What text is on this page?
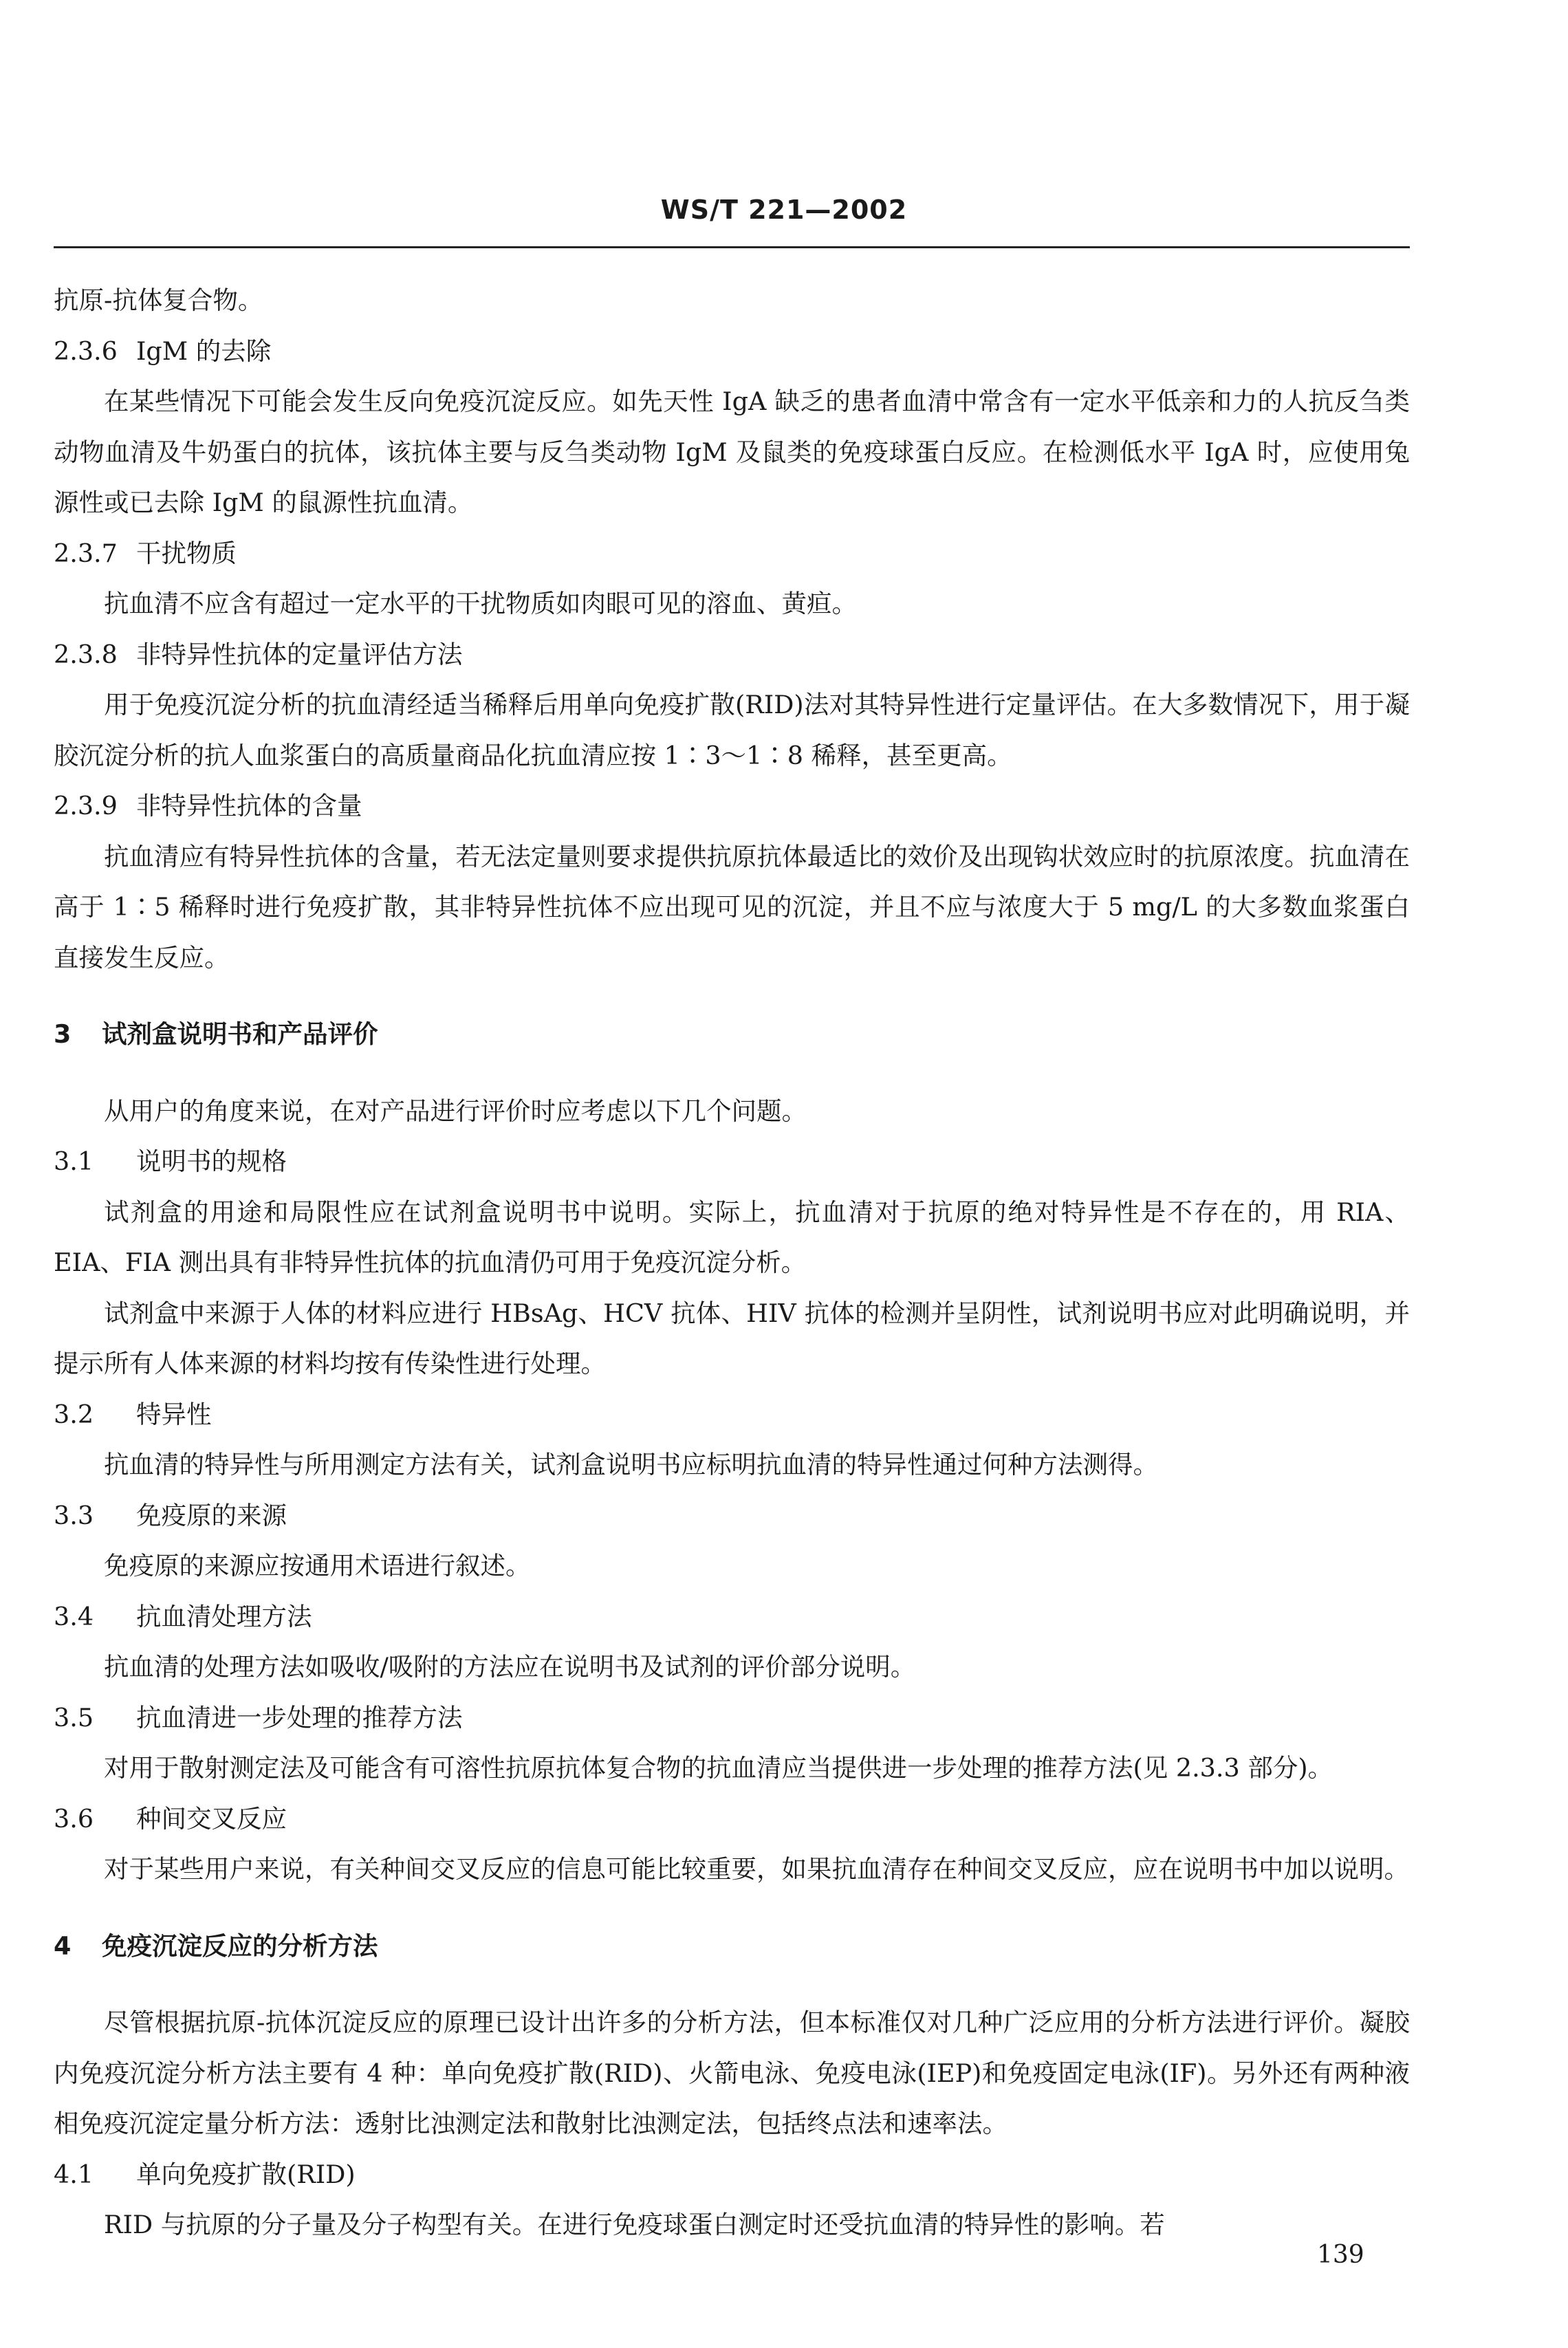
WS/T 221—2002
抗原-抗体复合物。
2.3.6 IgM 的去除
在某些情况下可能会发生反向免疫沉淀反应。如先天性 IgA 缺乏的患者血清中常含有一定水平低亲和力的人抗反刍类动物血清及牛奶蛋白的抗体，该抗体主要与反刍类动物 IgM 及鼠类的免疫球蛋白反应。在检测低水平 IgA 时，应使用兔源性或已去除 IgM 的鼠源性抗血清。
2.3.7 干扰物质
抗血清不应含有超过一定水平的干扰物质如肉眼可见的溶血、黄疸。
2.3.8 非特异性抗体的定量评估方法
用于免疫沉淀分析的抗血清经适当稀释后用单向免疫扩散(RID)法对其特异性进行定量评估。在大多数情况下，用于凝胶沉淀分析的抗人血浆蛋白的高质量商品化抗血清应按 1∶3～1∶8 稀释，甚至更高。
2.3.9 非特异性抗体的含量
抗血清应有特异性抗体的含量，若无法定量则要求提供抗原抗体最适比的效价及出现钩状效应时的抗原浓度。抗血清在高于 1∶5 稀释时进行免疫扩散，其非特异性抗体不应出现可见的沉淀，并且不应与浓度大于 5 mg/L 的大多数血浆蛋白直接发生反应。
3 试剂盒说明书和产品评价
从用户的角度来说，在对产品进行评价时应考虑以下几个问题。
3.1 说明书的规格
试剂盒的用途和局限性应在试剂盒说明书中说明。实际上，抗血清对于抗原的绝对特异性是不存在的，用 RIA、EIA、FIA 测出具有非特异性抗体的抗血清仍可用于免疫沉淀分析。
试剂盒中来源于人体的材料应进行 HBsAg、HCV 抗体、HIV 抗体的检测并呈阴性，试剂说明书应对此明确说明，并提示所有人体来源的材料均按有传染性进行处理。
3.2 特异性
抗血清的特异性与所用测定方法有关，试剂盒说明书应标明抗血清的特异性通过何种方法测得。
3.3 免疫原的来源
免疫原的来源应按通用术语进行叙述。
3.4 抗血清处理方法
抗血清的处理方法如吸收/吸附的方法应在说明书及试剂的评价部分说明。
3.5 抗血清进一步处理的推荐方法
对用于散射测定法及可能含有可溶性抗原抗体复合物的抗血清应当提供进一步处理的推荐方法(见 2.3.3 部分)。
3.6 种间交叉反应
对于某些用户来说，有关种间交叉反应的信息可能比较重要，如果抗血清存在种间交叉反应，应在说明书中加以说明。
4 免疫沉淀反应的分析方法
尽管根据抗原-抗体沉淀反应的原理已设计出许多的分析方法，但本标准仅对几种广泛应用的分析方法进行评价。凝胶内免疫沉淀分析方法主要有 4 种：单向免疫扩散(RID)、火箭电泳、免疫电泳(IEP)和免疫固定电泳(IF)。另外还有两种液相免疫沉淀定量分析方法：透射比浊测定法和散射比浊测定法，包括终点法和速率法。
4.1 单向免疫扩散(RID)
RID 与抗原的分子量及分子构型有关。在进行免疫球蛋白测定时还受抗血清的特异性的影响。若
139
